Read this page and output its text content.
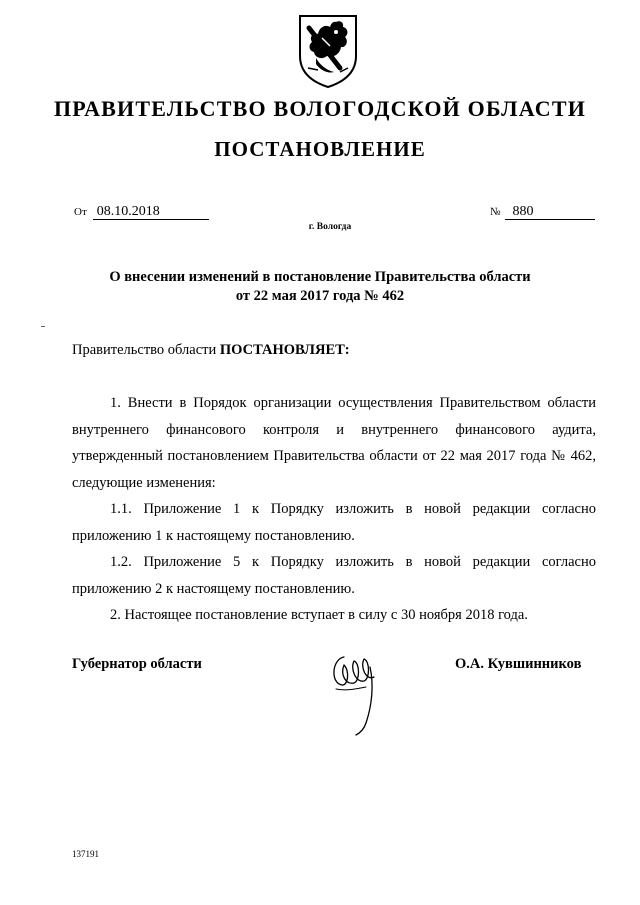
ПРАВИТЕЛЬСТВО ВОЛОГОДСКОЙ ОБЛАСТИ
ПОСТАНОВЛЕНИЕ
От 08.10.2018	№ 880
г. Вологда
О внесении изменений в постановление Правительства области
от 22 мая 2017 года № 462
Правительство области ПОСТАНОВЛЯЕТ:

1. Внести в Порядок организации осуществления Правительством области внутреннего финансового контроля и внутреннего финансового аудита, утвержденный постановлением Правительства области от 22 мая 2017 года № 462, следующие изменения:

1.1. Приложение 1 к Порядку изложить в новой редакции согласно приложению 1 к настоящему постановлению.

1.2. Приложение 5 к Порядку изложить в новой редакции согласно приложению 2 к настоящему постановлению.

2. Настоящее постановление вступает в силу с 30 ноября 2018 года.

Губернатор области	О.А. Кувшинников
137191
